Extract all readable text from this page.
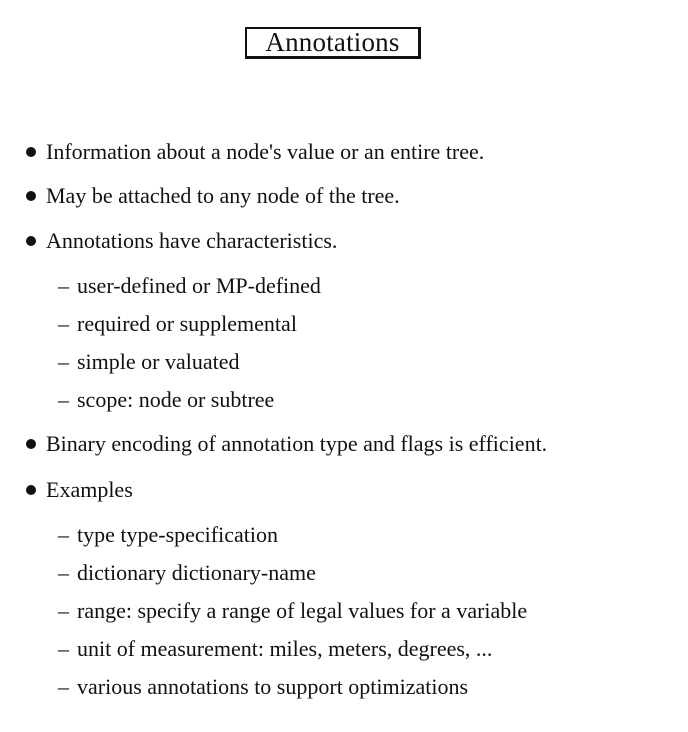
Annotations
Information about a node's value or an entire tree.
May be attached to any node of the tree.
Annotations have characteristics.
– user-defined or MP-defined
– required or supplemental
– simple or valuated
– scope: node or subtree
Binary encoding of annotation type and flags is efficient.
Examples
– type type-specification
– dictionary dictionary-name
– range: specify a range of legal values for a variable
– unit of measurement: miles, meters, degrees, ...
– various annotations to support optimizations
